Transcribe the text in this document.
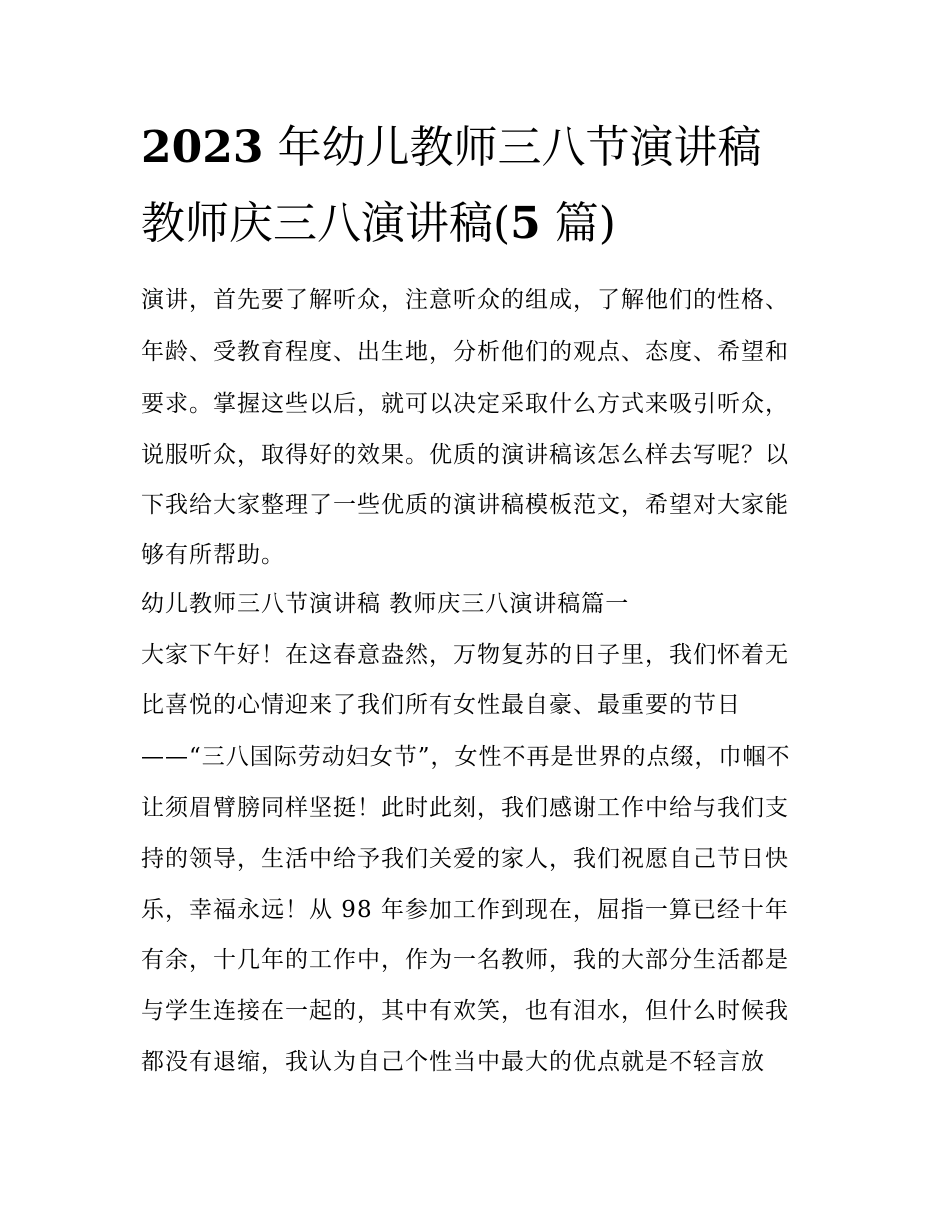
2023 年幼儿教师三八节演讲稿
教师庆三八演讲稿(5 篇)

演讲，首先要了解听众，注意听众的组成，了解他们的性格、

年龄、受教育程度、出生地，分析他们的观点、态度、希望和

要求。掌握这些以后，就可以决定采取什么方式来吸引听众，

说服听众，取得好的效果。优质的演讲稿该怎么样去写呢？以

下我给大家整理了一些优质的演讲稿模板范文，希望对大家能

够有所帮助。

幼儿教师三八节演讲稿 教师庆三八演讲稿篇一

大家下午好！在这春意盎然，万物复苏的日子里，我们怀着无

比喜悦的心情迎来了我们所有女性最自豪、最重要的节日

——“三八国际劳动妇女节”，女性不再是世界的点缀，巾帼不

让须眉臂膀同样坚挺！此时此刻，我们感谢工作中给与我们支

持的领导，生活中给予我们关爱的家人，我们祝愿自己节日快

乐，幸福永远！从 98 年参加工作到现在，屈指一算已经十年

有余，十几年的工作中，作为一名教师，我的大部分生活都是

与学生连接在一起的，其中有欢笑，也有泪水，但什么时候我

都没有退缩，我认为自己个性当中最大的优点就是不轻言放
